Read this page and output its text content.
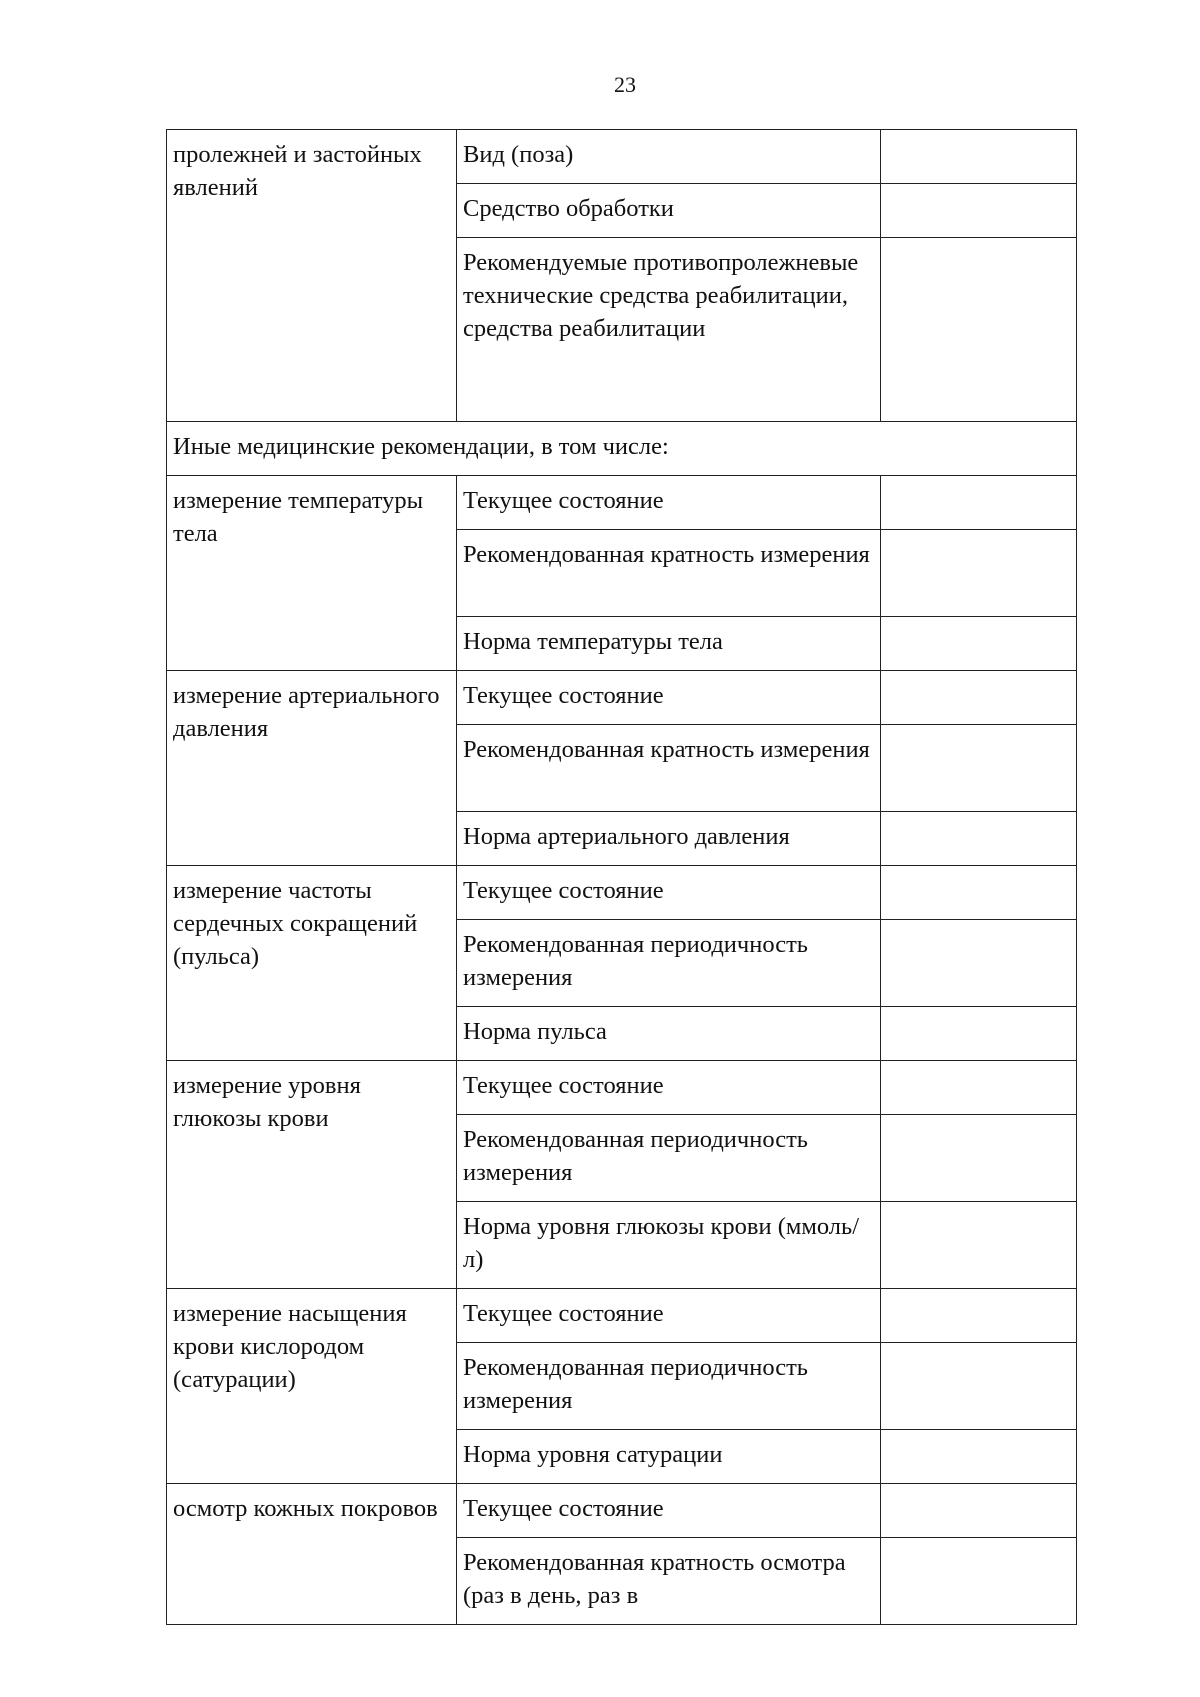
23
пролежней и застойных явлений	Вид (поза)	
	Средство обработки	
	Рекомендуемые противопролежневые технические средства реабилитации, средства реабилитации	
Иные медицинские рекомендации, в том числе:		
измерение температуры тела	Текущее состояние	
	Рекомендованная кратность измерения	
	Норма температуры тела	
измерение артериального давления	Текущее состояние	
	Рекомендованная кратность измерения	
	Норма артериального давления	
измерение частоты сердечных сокращений (пульса)	Текущее состояние	
	Рекомендованная периодичность измерения	
	Норма пульса	
измерение уровня глюкозы крови	Текущее состояние	
	Рекомендованная периодичность измерения	
	Норма уровня глюкозы крови (ммоль/л)	
измерение насыщения крови кислородом (сатурации)	Текущее состояние	
	Рекомендованная периодичность измерения	
	Норма уровня сатурации	
осмотр кожных покровов	Текущее состояние	
	Рекомендованная кратность осмотра (раз в день, раз в	
